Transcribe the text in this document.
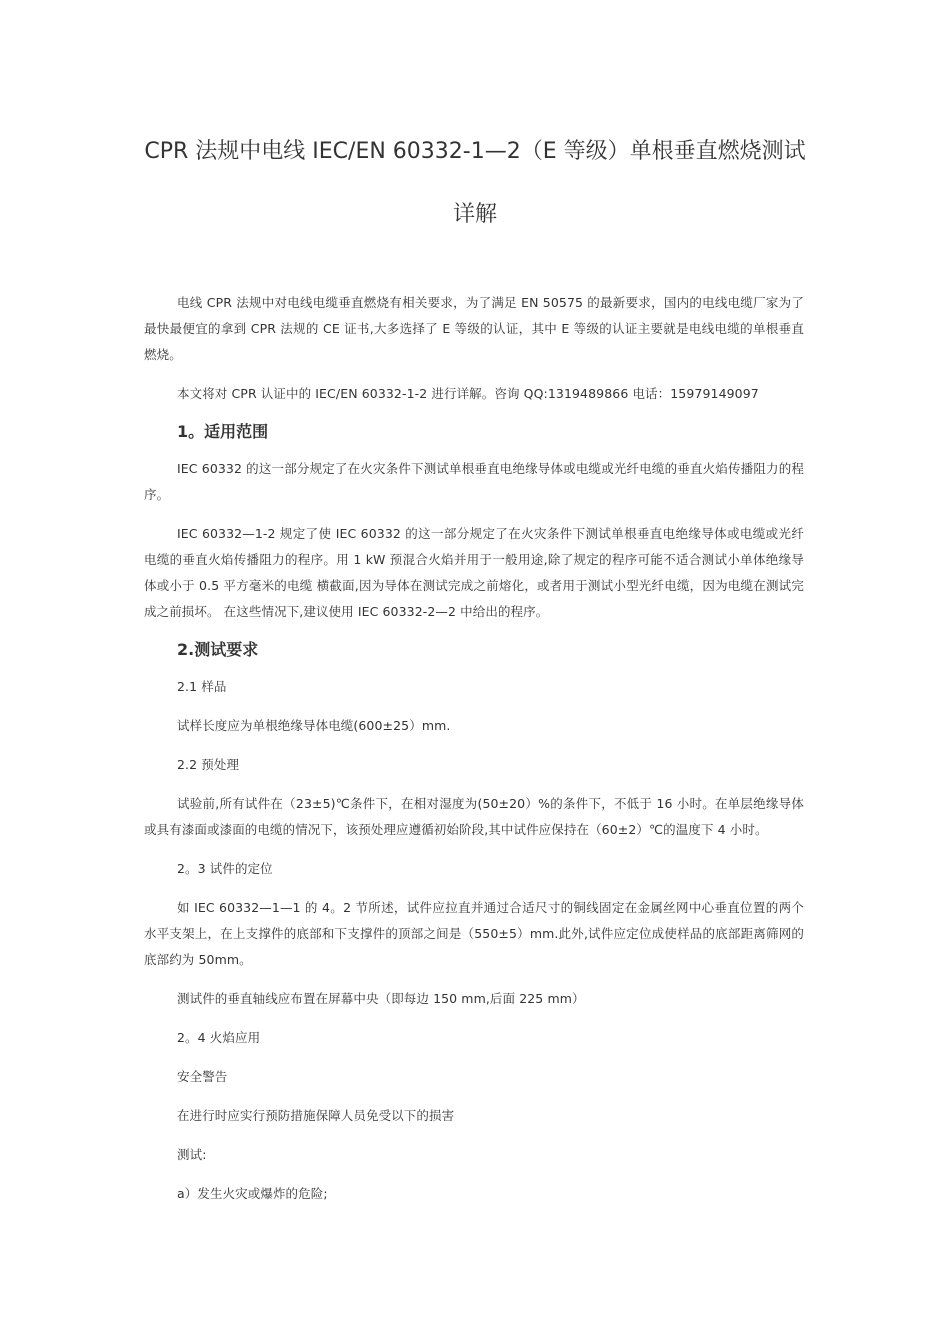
CPR 法规中电线 IEC/EN 60332-1—2（E 等级）单根垂直燃烧测试
详解

电线 CPR 法规中对电线电缆垂直燃烧有相关要求，为了满足 EN 50575 的最新要求，国内的电线电缆厂家为了最快最便宜的拿到 CPR 法规的 CE 证书,大多选择了 E 等级的认证，其中 E 等级的认证主要就是电线电缆的单根垂直燃烧。

本文将对 CPR 认证中的 IEC/EN 60332-1-2 进行详解。咨询 QQ:1319489866 电话：15979149097

1。适用范围

IEC 60332 的这一部分规定了在火灾条件下测试单根垂直电绝缘导体或电缆或光纤电缆的垂直火焰传播阻力的程序。

IEC 60332—1-2 规定了使 IEC 60332 的这一部分规定了在火灾条件下测试单根垂直电绝缘导体或电缆或光纤电缆的垂直火焰传播阻力的程序。用 1 kW 预混合火焰并用于一般用途,除了规定的程序可能不适合测试小单体绝缘导体或小于 0.5 平方毫米的电缆 横截面,因为导体在测试完成之前熔化，或者用于测试小型光纤电缆，因为电缆在测试完成之前损坏。 在这些情况下,建议使用 IEC 60332-2—2 中给出的程序。

2.测试要求

2.1 样品

试样长度应为单根绝缘导体电缆(600±25）mm.

2.2 预处理

试验前,所有试件在（23±5)℃条件下，在相对湿度为(50±20）%的条件下，不低于 16 小时。在单层绝缘导体或具有漆面或漆面的电缆的情况下，该预处理应遵循初始阶段,其中试件应保持在（60±2）℃的温度下 4 小时。

2。3 试件的定位

如 IEC 60332—1—1 的 4。2 节所述，试件应拉直并通过合适尺寸的铜线固定在金属丝网中心垂直位置的两个水平支架上，在上支撑件的底部和下支撑件的顶部之间是（550±5）mm.此外,试件应定位成使样品的底部距离筛网的底部约为 50mm。

测试件的垂直轴线应布置在屏幕中央（即每边 150 mm,后面 225 mm）

2。4 火焰应用

安全警告

在进行时应实行预防措施保障人员免受以下的损害

测试:

a）发生火灾或爆炸的危险;
